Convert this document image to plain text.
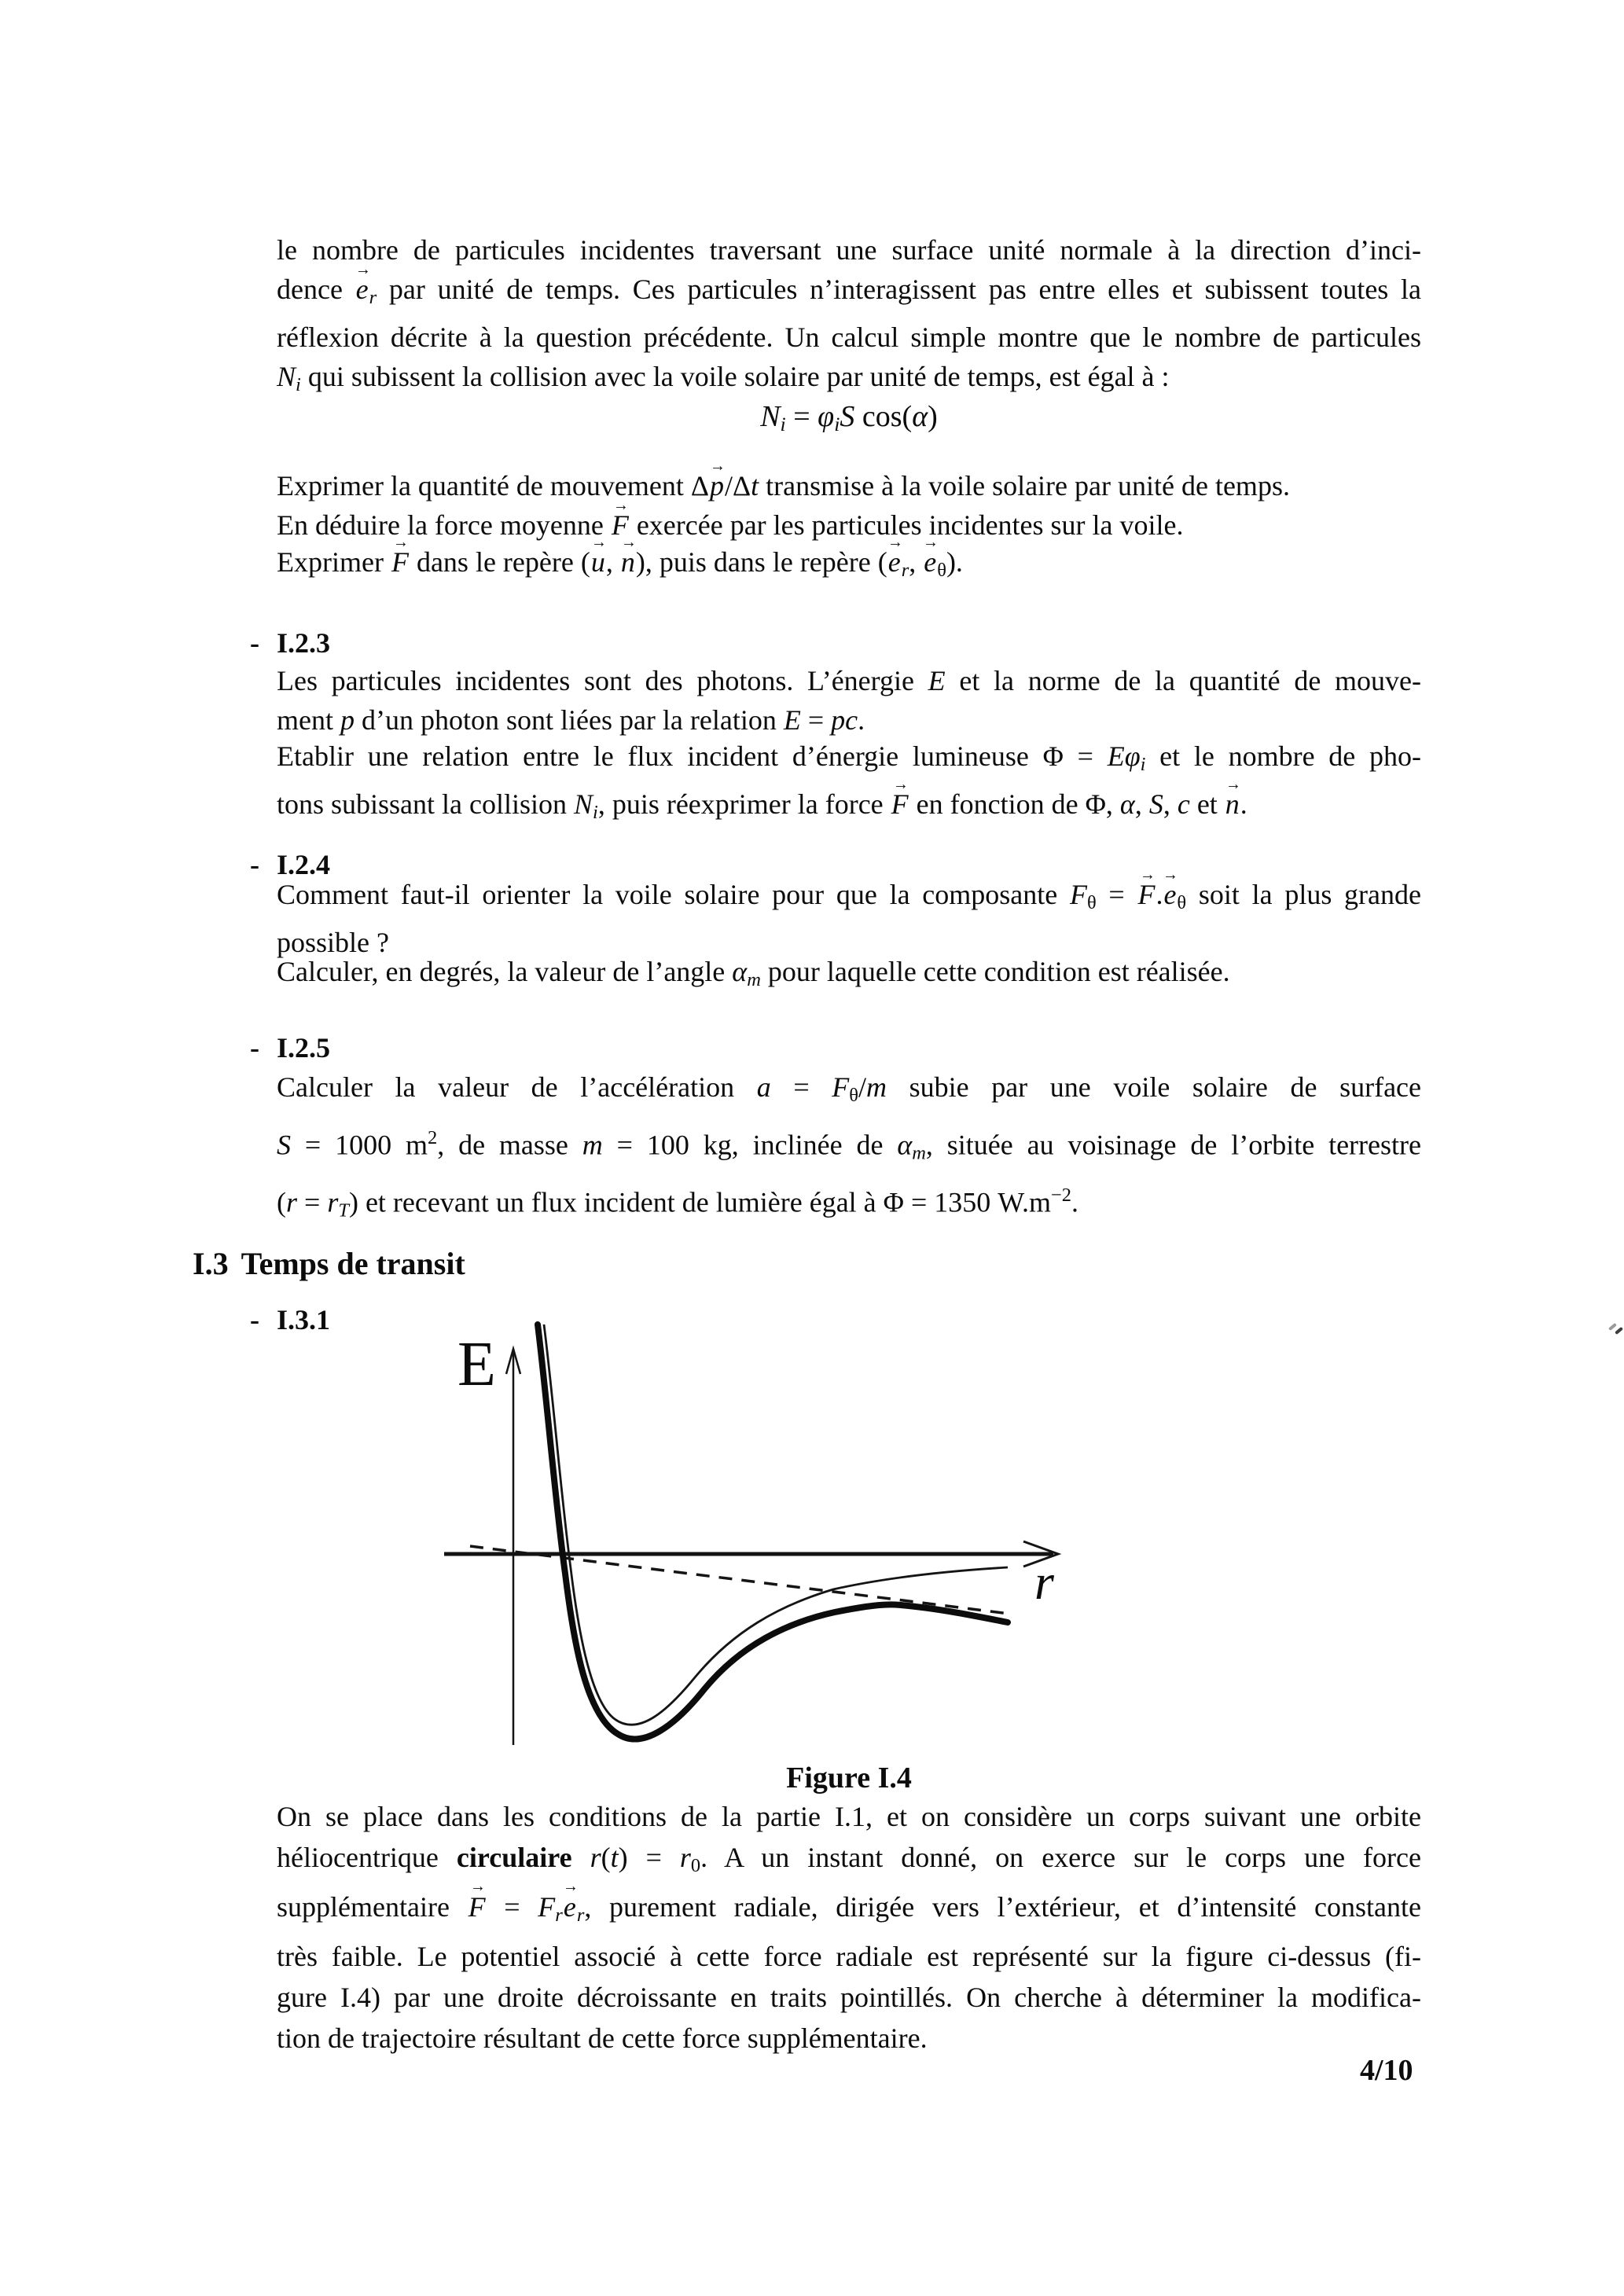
le nombre de particules incidentes traversant une surface unité normale à la direction d’inci-
dence $e \to_r$ par unité de temps. Ces particules n’interagissent pas entre elles et subissent toutes la
réflexion décrite à la question précédente. Un calcul simple montre que le nombre de particules
$N_i$ qui subissent la collision avec la voile solaire par unité de temps, est égal à :
$N_i = \varphi_iS$ cos(α)
Exprimer la quantité de mouvement Δp →/Δt transmise à la voile solaire par unité de temps.
En déduire la force moyenne F → exercée par les particules incidentes sur la voile.
Exprimer F → dans le repère (u →, n →), puis dans le repère ($e \to_r$, $e \to_\theta$).
- I.2.3
Les particules incidentes sont des photons. L’énergie E et la norme de la quantité de mouve-
ment p d’un photon sont liées par la relation E = pc.
Etablir une relation entre le flux incident d’énergie lumineuse $\Phi = E\varphi_i$ et le nombre de pho-
tons subissant la collision $N_i$, puis réexprimer la force F → en fonction de Φ, α, S, c et n →.
- I.2.4
Comment faut-il orienter la voile solaire pour que la composante $F_\theta = F \to.e \to_\theta$ soit la plus grande
possible ?
Calculer, en degrés, la valeur de l’angle $\alpha_m$ pour laquelle cette condition est réalisée.
- I.2.5
Calculer la valeur de l’accélération $a = F_\theta/m$ subie par une voile solaire de surface
S = 1000 $m^2$, de masse m = 100 kg, inclinée de $\alpha_m$, située au voisinage de l’orbite terrestre
$(r = r_T)$ et recevant un flux incident de lumière égal à Φ = 1350 $W.m^{-2}$.
I.3 Temps de transit
- I.3.1
E
r
Figure I.4
On se place dans les conditions de la partie I.1, et on considère un corps suivant une orbite
héliocentrique circulaire $r(t) = r_0$. A un instant donné, on exerce sur le corps une force
supplémentaire F → = $F_re \to_r$, purement radiale, dirigée vers l’extérieur, et d’intensité constante
très faible. Le potentiel associé à cette force radiale est représenté sur la figure ci-dessus (fi-
gure I.4) par une droite décroissante en traits pointillés. On cherche à déterminer la modifica-
tion de trajectoire résultant de cette force supplémentaire.
4/10
